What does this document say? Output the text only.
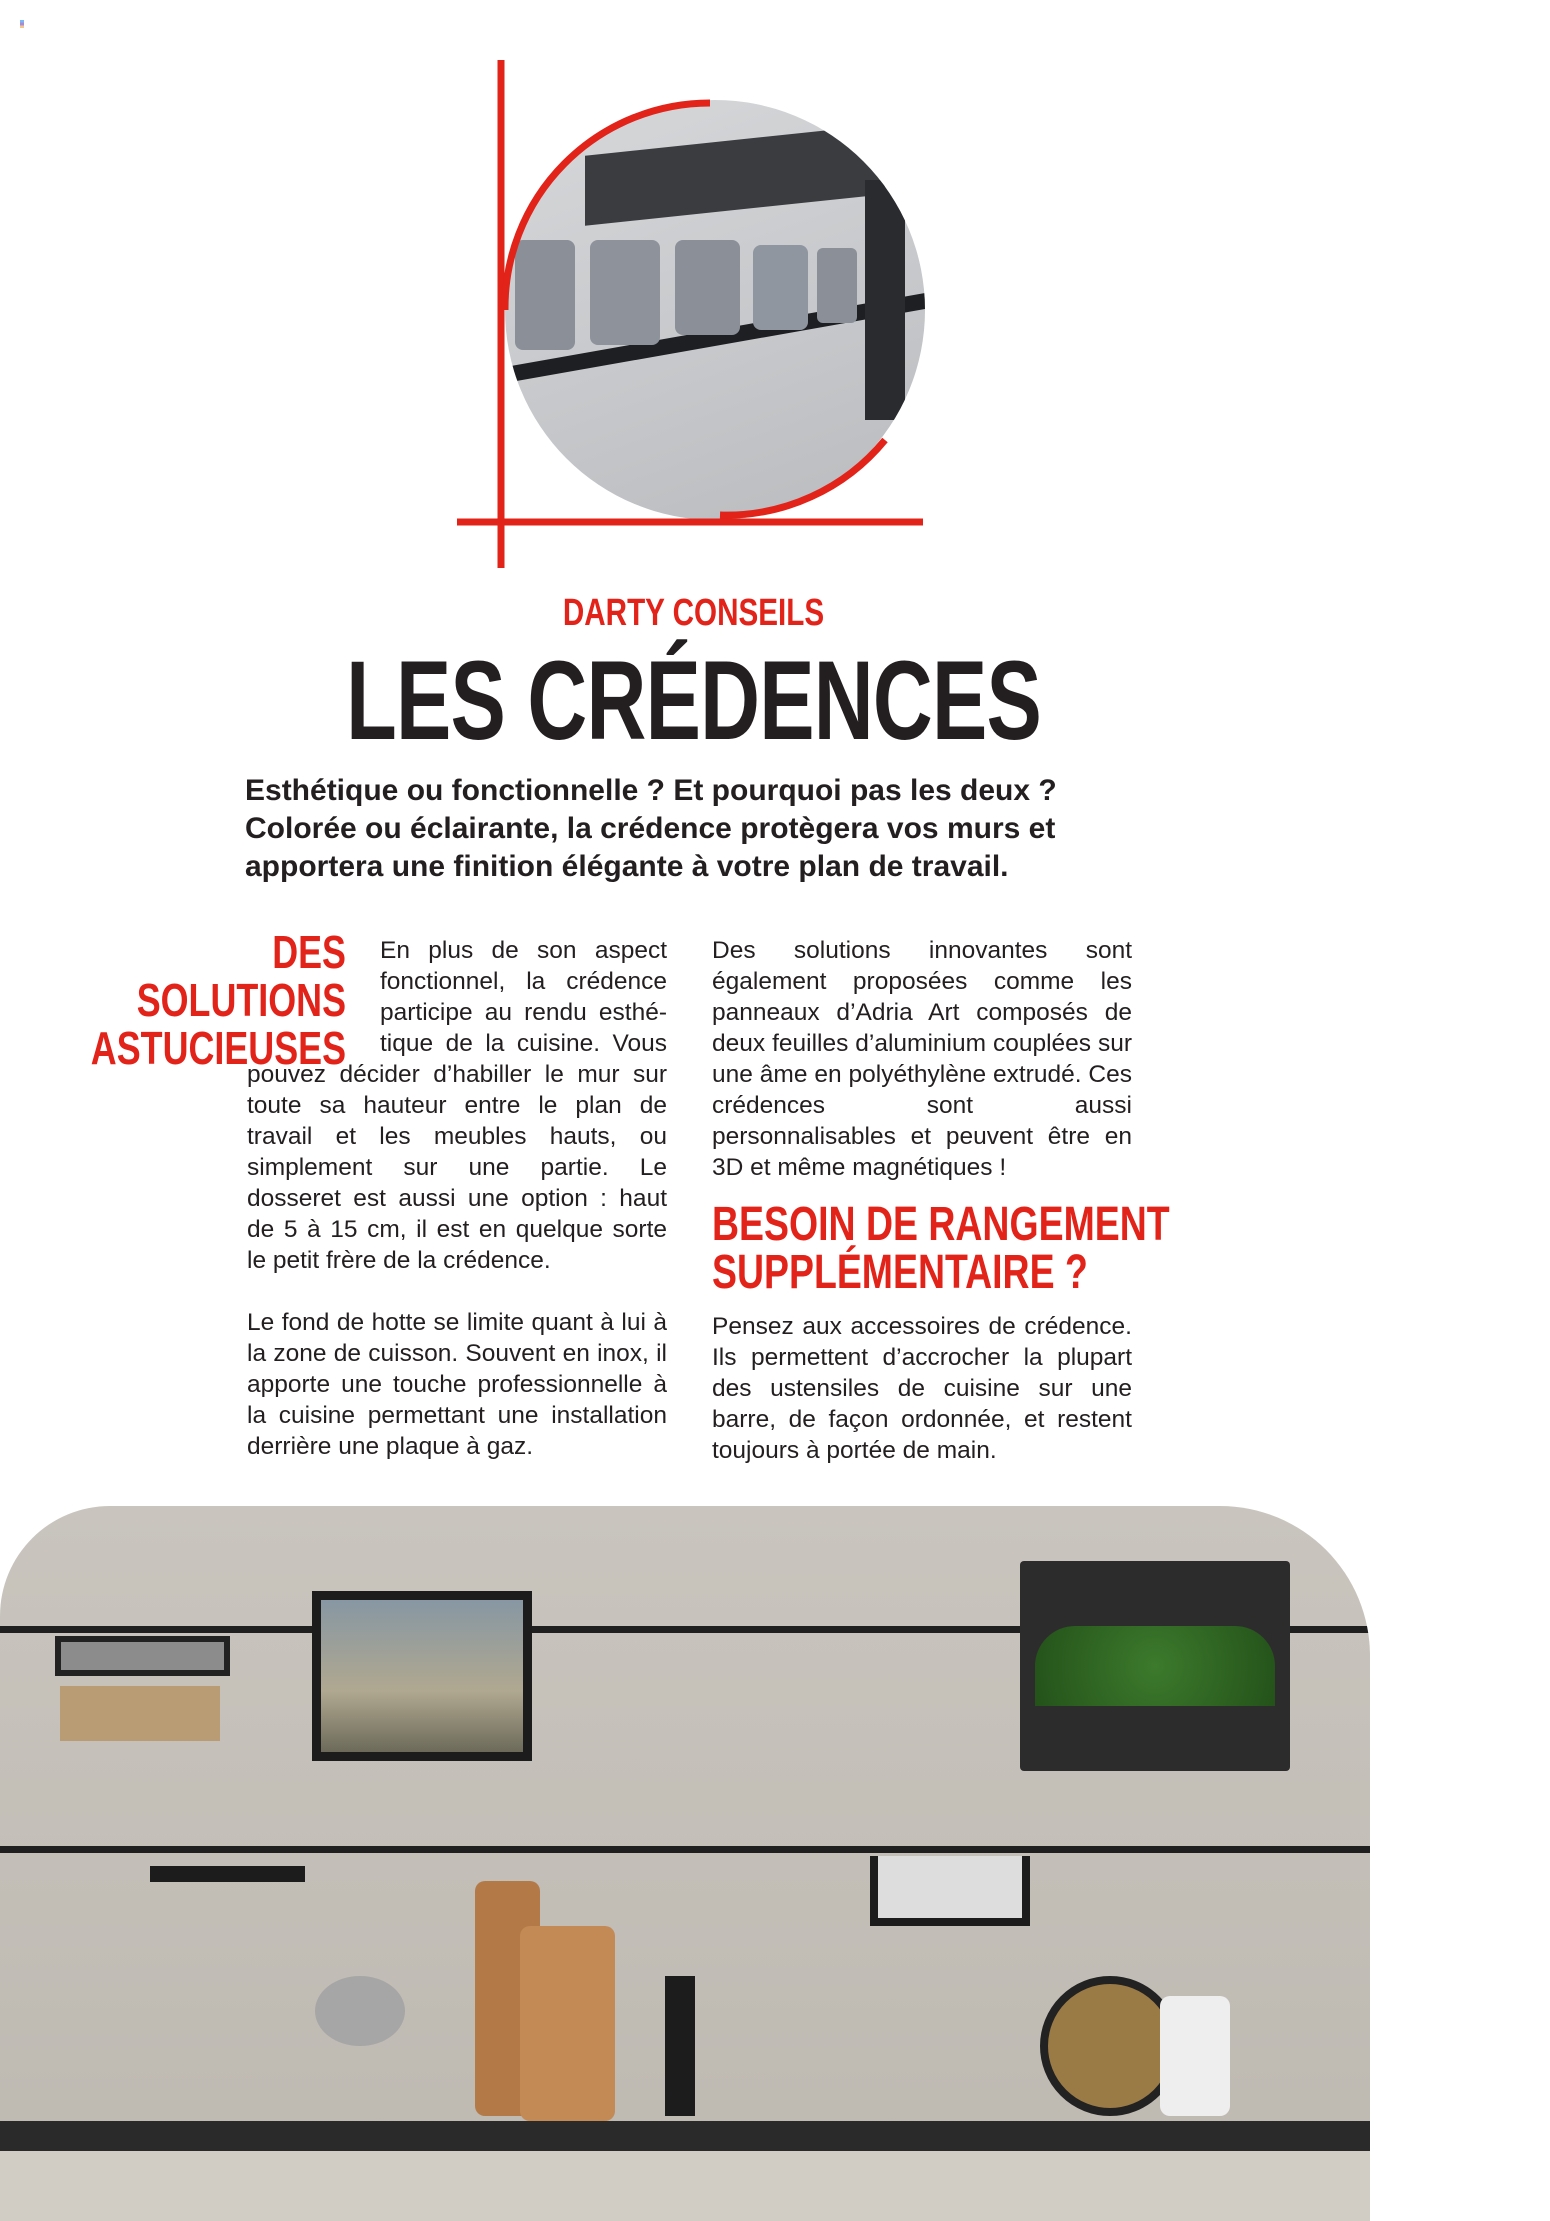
DARTY CONSEILS
LES CRÉDENCES
Esthétique ou fonctionnelle ? Et pourquoi pas les deux ?
Colorée ou éclairante, la crédence protègera vos murs et
apportera une finition élégante à votre plan de travail.
DES SOLUTIONS
ASTUCIEUSES
En plus de son aspect
fonctionnel, la crédence
participe au rendu esthé-
tique de la cuisine. Vous

pouvez décider d’habiller le mur sur toute sa hauteur entre le plan de travail et les meubles hauts, ou simplement sur une partie. Le dosseret est aussi une option : haut de 5 à 15 cm, il est en quelque sorte le petit frère de la crédence.

Le fond de hotte se limite quant à lui à la zone de cuisson. Souvent en inox, il apporte une touche professionnelle à la cuisine permettant une installation derrière une plaque à gaz.

Des solutions innovantes sont également proposées comme les panneaux d’Adria Art composés de deux feuilles d’aluminium couplées sur une âme en polyéthylène extrudé. Ces crédences sont aussi personnalisables et peuvent être en 3D et même magnétiques !

BESOIN DE RANGEMENT
SUPPLÉMENTAIRE ?

Pensez aux accessoires de crédence. Ils permettent d’accrocher la plupart des ustensiles de cuisine sur une barre, de façon ordonnée, et restent toujours à portée de main.
